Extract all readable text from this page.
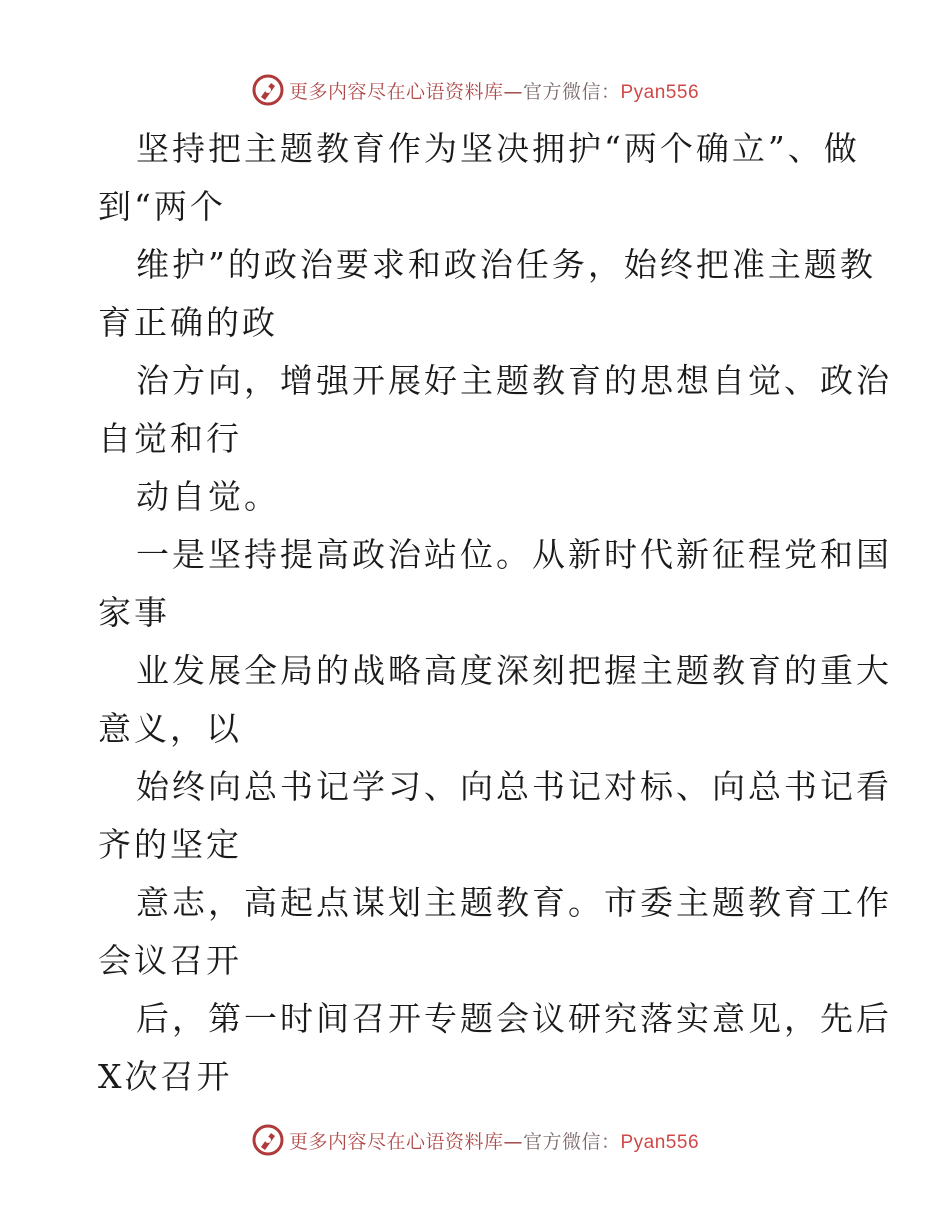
更多内容尽在心语资料库—官方微信：Pyan556
坚持把主题教育作为坚决拥护“两个确立”、做
到“两个
维护”的政治要求和政治任务，始终把准主题教
育正确的政
治方向，增强开展好主题教育的思想自觉、政治
自觉和行
动自觉。
一是坚持提高政治站位。从新时代新征程党和国
家事
业发展全局的战略高度深刻把握主题教育的重大
意义，以
始终向总书记学习、向总书记对标、向总书记看
齐的坚定
意志，高起点谋划主题教育。市委主题教育工作
会议召开
后，第一时间召开专题会议研究落实意见，先后
X次召开
更多内容尽在心语资料库—官方微信：Pyan556
